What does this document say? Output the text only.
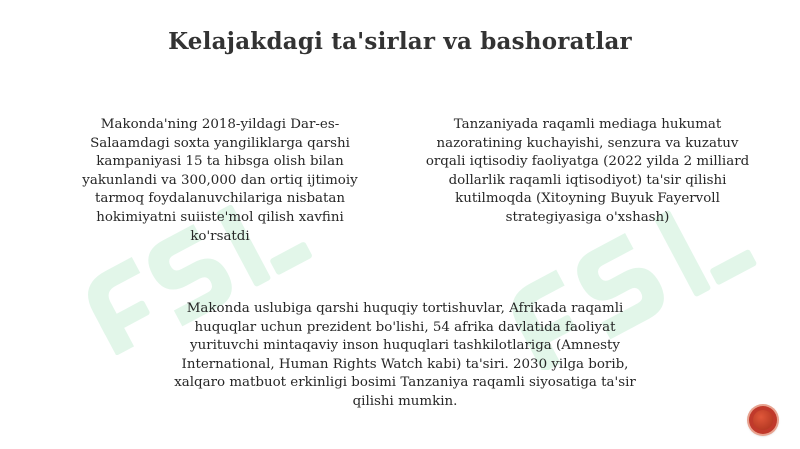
Kelajakdagi ta'sirlar va bashoratlar
Makonda'ning 2018-yildagi Dar-es-
Salaamdagi soxta yangiliklarga qarshi
kampaniyasi 15 ta hibsga olish bilan
yakunlandi va 300,000 dan ortiq ijtimoiy
tarmoq foydalanuvchilariga nisbatan
hokimiyatni suiiste'mol qilish xavfini
ko'rsatdi
Tanzaniyada raqamli mediaga hukumat
nazoratining kuchayishi, senzura va kuzatuv
orqali iqtisodiy faoliyatga (2022 yilda 2 milliard
dollarlik raqamli iqtisodiyot) ta'sir qilishi
kutilmoqda (Xitoyning Buyuk Fayervoll
strategiyasiga o'xshash)
Makonda uslubiga qarshi huquqiy tortishuvlar, Afrikada raqamli
huquqlar uchun prezident bo'lishi, 54 afrika davlatida faoliyat
yurituvchi mintaqaviy inson huquqlari tashkilotlariga (Amnesty
International, Human Rights Watch kabi) ta'siri. 2030 yilga borib,
xalqaro matbuot erkinligi bosimi Tanzaniya raqamli siyosatiga ta'sir
qilishi mumkin.
